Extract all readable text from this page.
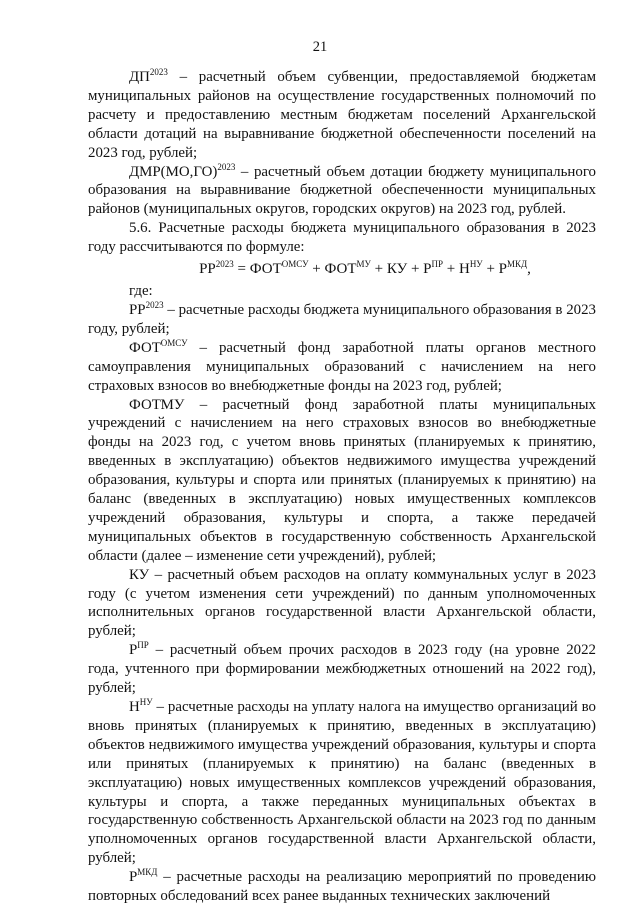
21

$ДП^{2023}$ – расчетный объем субвенции, предоставляемой бюджетам муниципальных районов на осуществление государственных полномочий по расчету и предоставлению местным бюджетам поселений Архангельской области дотаций на выравнивание бюджетной обеспеченности поселений на 2023 год, рублей;

$ДМР(МО,ГО)^{2023}$ – расчетный объем дотации бюджету муниципального образования на выравнивание бюджетной обеспеченности муниципальных районов (муниципальных округов, городских округов) на 2023 год, рублей.

5.6. Расчетные расходы бюджета муниципального образования в 2023 году рассчитываются по формуле:

$РР^{2023} = ФОТ^{ОМСУ} + ФОТ^{МУ}$ + КУ + $Р^{ПР} + Н^{НУ} + Р^{МКД}$,

где:

$РР^{2023}$ – расчетные расходы бюджета муниципального образования в 2023 году, рублей;

$ФОТ^{ОМСУ}$ – расчетный фонд заработной платы органов местного самоуправления муниципальных образований с начислением на него страховых взносов во внебюджетные фонды на 2023 год, рублей;

ФОТМУ – расчетный фонд заработной платы муниципальных учреждений с начислением на него страховых взносов во внебюджетные фонды на 2023 год, с учетом вновь принятых (планируемых к принятию, введенных в эксплуатацию) объектов недвижимого имущества учреждений образования, культуры и спорта или принятых (планируемых к принятию) на баланс (введенных в эксплуатацию) новых имущественных комплексов учреждений образования, культуры и спорта, а также передачей муниципальных объектов в государственную собственность Архангельской области (далее – изменение сети учреждений), рублей;

КУ – расчетный объем расходов на оплату коммунальных услуг в 2023 году (с учетом изменения сети учреждений) по данным уполномоченных исполнительных органов государственной власти Архангельской области, рублей;

$Р^{ПР}$ – расчетный объем прочих расходов в 2023 году (на уровне 2022 года, учтенного при формировании межбюджетных отношений на 2022 год), рублей;

$Н^{НУ}$ – расчетные расходы на уплату налога на имущество организаций во вновь принятых (планируемых к принятию, введенных в эксплуатацию) объектов недвижимого имущества учреждений образования, культуры и спорта или принятых (планируемых к принятию) на баланс (введенных в эксплуатацию) новых имущественных комплексов учреждений образования, культуры и спорта, а также переданных муниципальных объектах в государственную собственность Архангельской области на 2023 год по данным уполномоченных органов государственной власти Архангельской области, рублей;

$Р^{МКД}$ – расчетные расходы на реализацию мероприятий по проведению повторных обследований всех ранее выданных технических заключений
